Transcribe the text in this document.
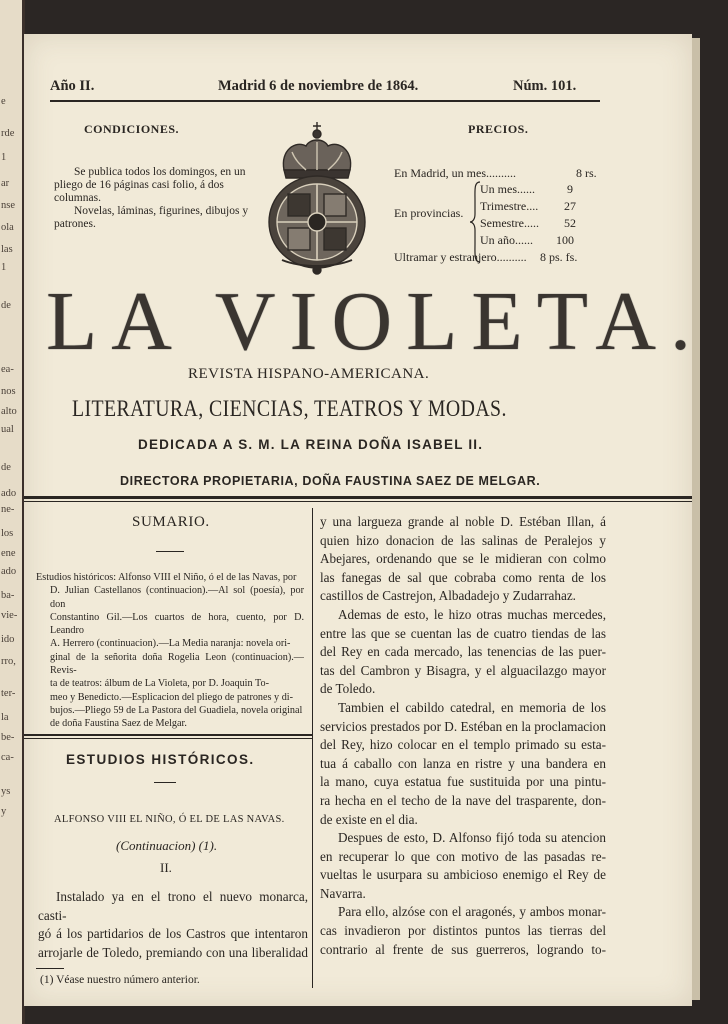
e
rde
1
ar
nse
ola
las
1
de
ea-
nos
alto
ual
de
ado
ne-
los
ene
ado
ba-
vie-
ido
rro,
ter-
la
be-
ca-
ys
y
Año II.	Madrid 6 de noviembre de 1864.	Núm. 101.
CONDICIONES.
Se publica todos los domingos, en un
pliego de 16 páginas casi folio, á dos
columnas.
Novelas, láminas, figurines, dibujos y
patrones.
PRECIOS.
En Madrid, un mes..........	8 rs.
En provincias.
Un mes......	9
Trimestre.... 27
Semestre..... 52
Un año...... 100
Ultramar y estranjero.......... 8 ps. fs.
LA VIOLETA.
REVISTA HISPANO-AMERICANA.
LITERATURA, CIENCIAS, TEATROS Y MODAS.
DEDICADA A S. M. LA REINA DOÑA ISABEL II.
DIRECTORA PROPIETARIA, DOÑA FAUSTINA SAEZ DE MELGAR.
SUMARIO.
Estudios históricos: Alfonso VIII el Niño, ó el de las Navas, por
D. Julian Castellanos (continuacion).—Al sol (poesía), por don
Constantino Gil.—Los cuartos de hora, cuento, por D. Leandro
A. Herrero (continuacion).—La Media naranja: novela ori-
ginal de la señorita doña Rogelia Leon (continuacion).—Revis-
ta de teatros: álbum de La Violeta, por D. Joaquin To-
meo y Benedicto.—Esplicacion del pliego de patrones y di-
bujos.—Pliego 59 de La Pastora del Guadiela, novela original
de doña Faustina Saez de Melgar.
ESTUDIOS HISTÓRICOS.
ALFONSO VIII EL NIÑO, Ó EL DE LAS NAVAS.
(Continuacion) (1).
II.
Instalado ya en el trono el nuevo monarca, casti-
gó á los partidarios de los Castros que intentaron
arrojarle de Toledo, premiando con una liberalidad
(1) Véase nuestro número anterior.
y una largueza grande al noble D. Estéban Illan, á
quien hizo donacion de las salinas de Peralejos y
Abejares, ordenando que se le midieran con colmo
las fanegas de sal que cobraba como renta de los
castillos de Castrejon, Albadadejo y Zudarrahaz.
Ademas de esto, le hizo otras muchas mercedes,
entre las que se cuentan las de cuatro tiendas de las
del Rey en cada mercado, las tenencias de las puer-
tas del Cambron y Bisagra, y el alguacilazgo mayor
de Toledo.
Tambien el cabildo catedral, en memoria de los
servicios prestados por D. Estéban en la proclamacion
del Rey, hizo colocar en el templo primado su esta-
tua á caballo con lanza en ristre y una bandera en
la mano, cuya estatua fue sustituida por una pintu-
ra hecha en el techo de la nave del trasparente, don-
de existe en el dia.
Despues de esto, D. Alfonso fijó toda su atencion
en recuperar lo que con motivo de las pasadas re-
vueltas le usurpara su ambicioso enemigo el Rey de
Navarra.
Para ello, alzóse con el aragonés, y ambos monar-
cas invadieron por distintos puntos las tierras del
contrario al frente de sus guerreros, logrando to-
